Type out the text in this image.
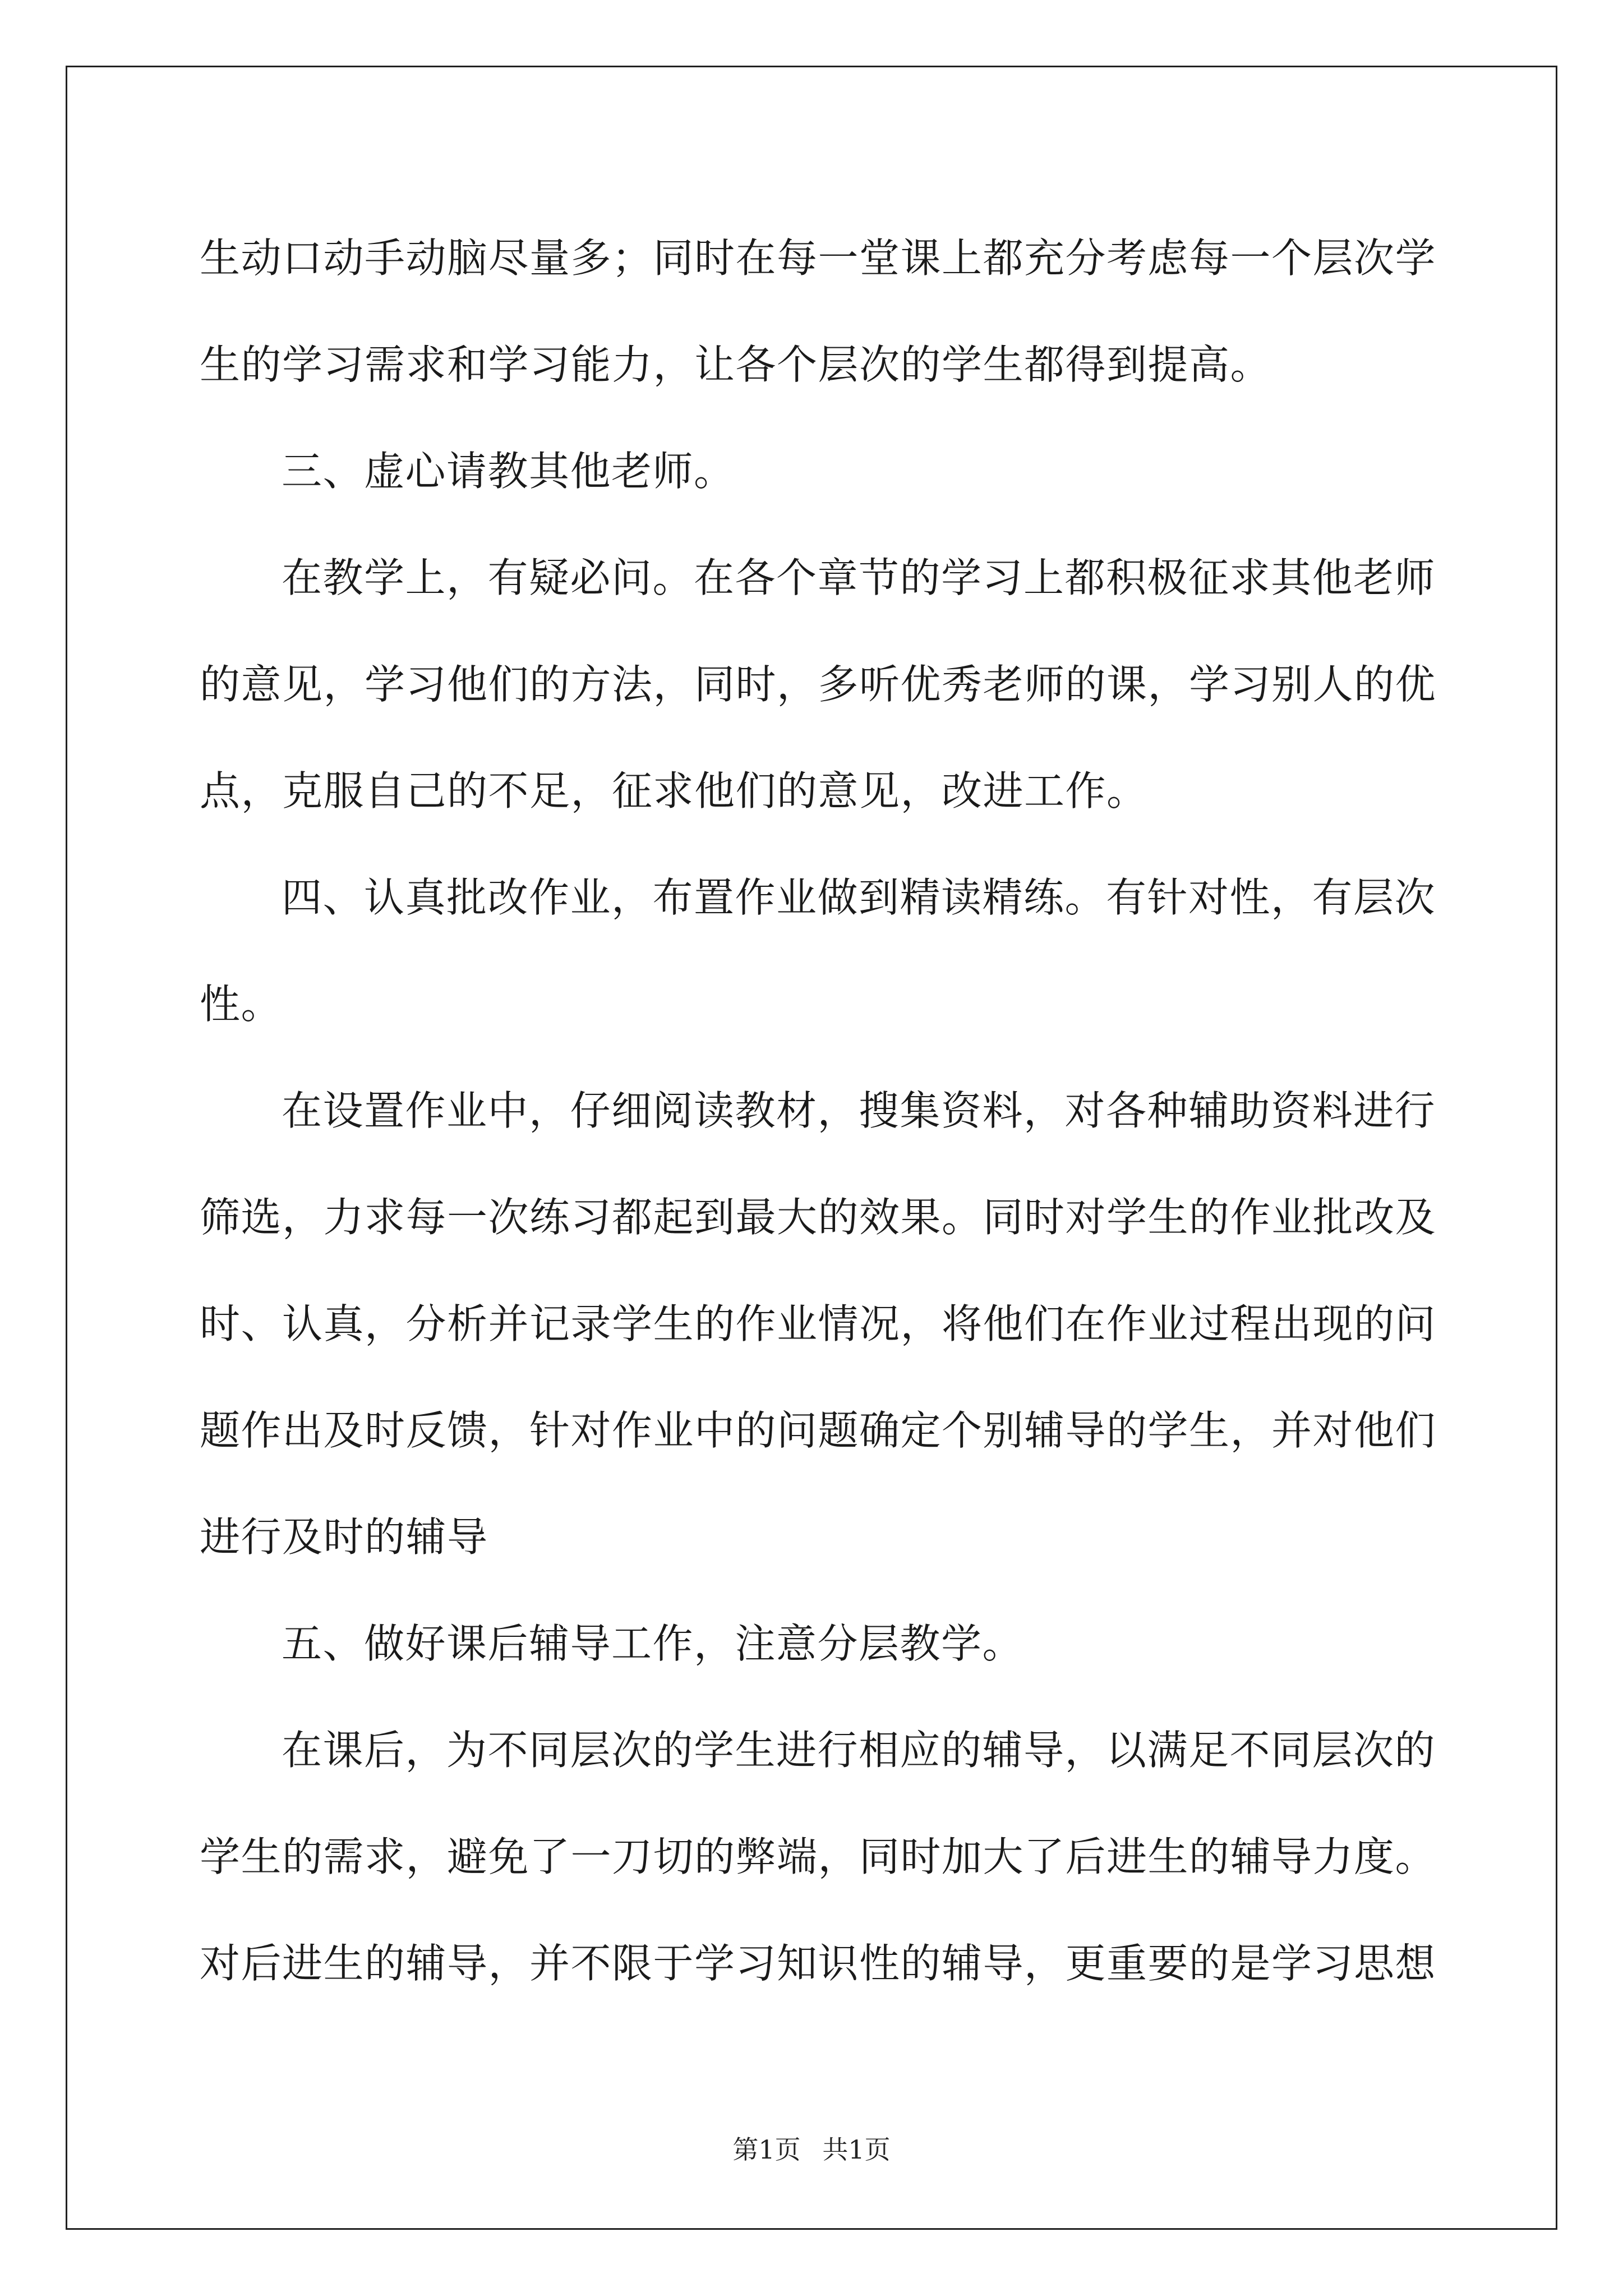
生动口动手动脑尽量多；同时在每一堂课上都充分考虑每一个层次学
生的学习需求和学习能力，让各个层次的学生都得到提高。
三、虚心请教其他老师。
在教学上，有疑必问。在各个章节的学习上都积极征求其他老师
的意见，学习他们的方法，同时，多听优秀老师的课，学习别人的优
点，克服自己的不足，征求他们的意见，改进工作。
四、认真批改作业，布置作业做到精读精练。有针对性，有层次
性。
在设置作业中，仔细阅读教材，搜集资料，对各种辅助资料进行
筛选，力求每一次练习都起到最大的效果。同时对学生的作业批改及
时、认真，分析并记录学生的作业情况，将他们在作业过程出现的问
题作出及时反馈，针对作业中的问题确定个别辅导的学生，并对他们
进行及时的辅导
五、做好课后辅导工作，注意分层教学。
在课后，为不同层次的学生进行相应的辅导，以满足不同层次的
学生的需求，避免了一刀切的弊端，同时加大了后进生的辅导力度。
对后进生的辅导，并不限于学习知识性的辅导，更重要的是学习思想
第1页 共1页
